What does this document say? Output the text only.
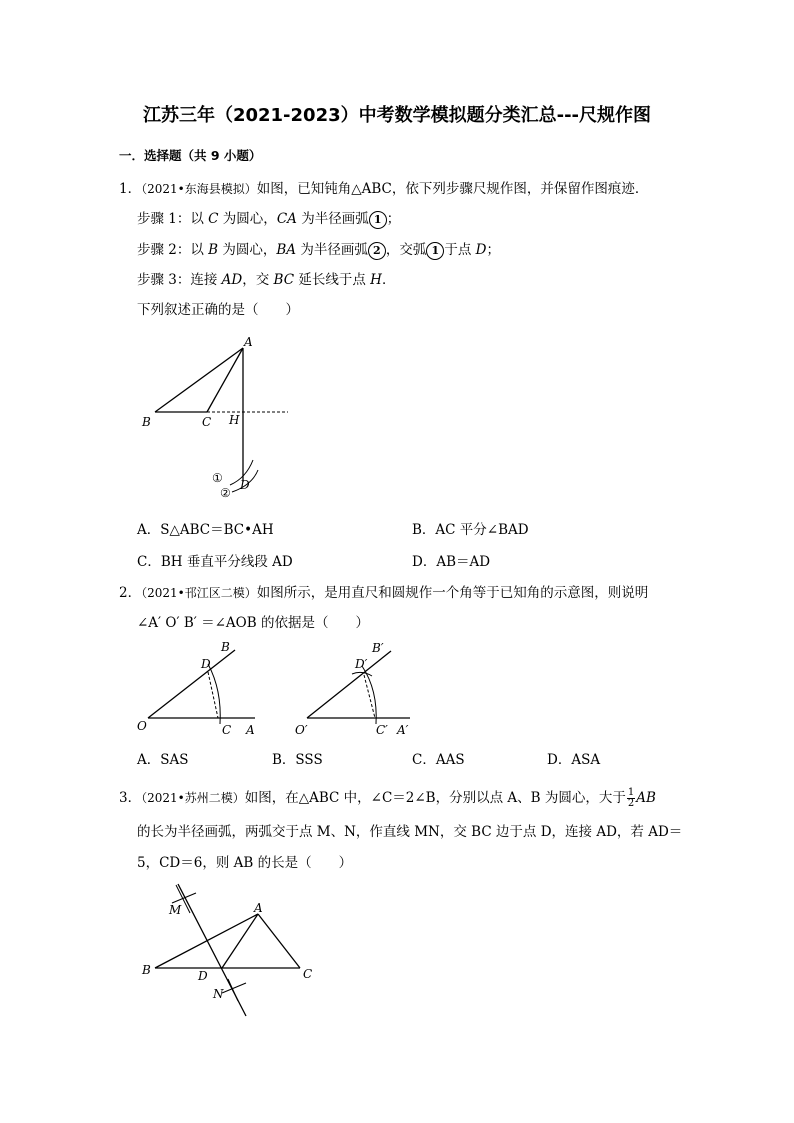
江苏三年（2021-2023）中考数学模拟题分类汇总---尺规作图
一．选择题（共 9 小题）
1．（2021•东海县模拟）如图，已知钝角△ABC，依下列步骤尺规作图，并保留作图痕迹．
步骤 1：以 C 为圆心，CA 为半径画弧 1 ；
步骤 2：以 B 为圆心，BA 为半径画弧 2 ，交弧 1 于点 D；
步骤 3：连接 AD，交 BC 延长线于点 H．
下列叙述正确的是（　　）
A
B	C H
D
①
②
A．S△ABC＝BC•AH	B．AC 平分∠BAD
C．BH 垂直平分线段 AD	D．AB＝AD
2．（2021•邗江区二模）如图所示，是用直尺和圆规作一个角等于已知角的示意图，则说明
∠A′ O′ B′ ＝∠AOB 的依据是（　　）
O	A
B
C
D
O′	A′
B′
C′
D′
A．SAS	B．SSS	C．AAS	D．ASA
3．（2021•苏州二模）如图，在△ABC 中，∠C＝2∠B，分别以点 A、B 为圆心，大于 $\frac{1}{2}$ AB
的长为半径画弧，两弧交于点 M、N，作直线 MN，交 BC 边于点 D，连接 AD，若 AD＝
5，CD＝6，则 AB 的长是（　　）
M	A
B	D	C
N
